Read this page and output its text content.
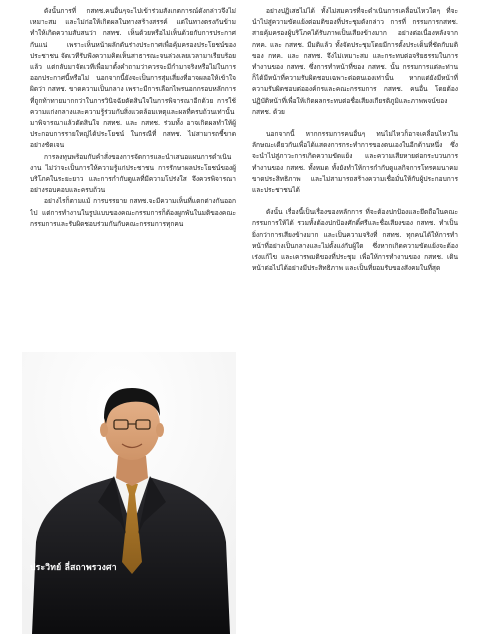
ดังนั้นการที่ กสทช.คนอื่นๆจะไปเข้าร่วมสังเกตการณ์ดังกล่าวจึงไม่เหมาะสม และไม่ก่อให้เกิดผลในทางสร้างสรรค์ แต่ในทางตรงกันข้ามทำให้เกิดความสับสนว่า กสทช. เห็นด้วยหรือไม่เห็นด้วยกับการประกาศกันแน่ เพราะเห็นหน้าผลักดันร่างประกาศเพื่อคุ้มครองประโยชน์ของประชาชน จัดเวทีรับฟังความคิดเห็นสาธารณะจนล่วงเลยเวลามาเรียบร้อยแล้ว แต่กลับมาจัดเวทีเพื่อมาตั้งคำถามว่าควรจะมีกำมาจริงหรือไม่ในการออกประกาศนี้หรือไม่ นอกจากนี้ยังจะเป็นการสุ่มเสี่ยงที่อาจผลอให้เข้าใจผิดว่า กสทช. ขาดความเป็นกลาง เพราะมีการเลือกไพรนอกกรอบหลักการที่ถูกท้าทายมากกว่าในการวินิจฉัยตัดสินใจในการพิจารณาอีกด้วย การใช้ความแก่งกลางและความรู้ร่วมกับสิ่งแวดล้อมเหตุและผลที่ครบถ้วนเท่านั้น มาพิจารณาแล้วตัดสินใจ กสทช. และ กสทช. ร่วมทั้ง อาจเกิดผลทำให้ผู้ประกอบการรายใหญ่ได้ประโยชน์ ในกรณีที่ กสทช. ไม่สามารถชี้ขาดอย่างชัดเจน

การลงทุนพร้อมกับคำสั่งของการจัดการและนำเสนอแผนการดำเนินงาน ไม่ว่าจะเป็นการให้ความรู้แก่ประชาชน การรักษาผลประโยชน์ของผู้บริโภคในระยะยาว และการกำกับดูแลที่มีความโปร่งใส จึงควรพิจารณาอย่างรอบคอบและครบถ้วน

อย่างไรก็ตามแม้ การบรรยาย กสทช.จะมีความเห็นที่แตกต่างกันออกไป แต่การทำงานในรูปแบบของคณะกรรมการก็ต้องผูกพันในมติของคณะกรรมการและรับผิดชอบร่วมกันกับคณะกรรมการทุกคน

ประวิทย์ ลี่สถาพรวงศา

อย่างปฏิเสธไม่ได้ ทั้งไม่สมควรที่จะดำเนินการเคลื่อนไหวใดๆ ที่จะนำไปสู่ความขัดแย้งต่อมติของที่ประชุมดังกล่าว การที่ กรรมการกสทช. สายคุ้มครองผู้บริโภคได้รับภาพเป็นเสียงข้างมาก อย่างต่อเนื่องหลังจาก กทค. และ กสทช. มีมติแล้ว ทั้งจัดประชุมโดยมีการตั้งประเด็นที่ชัดกับมติของ กทค. และ กสทช. จึงไม่เหมาะสม และกระทบต่อจริยธรรมในการทำงานของ กสทช. ซึ่งการทำหน้าที่ของ กสทช. นั้น กรรมการแต่ละท่านก็ได้มีหน้าที่ความรับผิดชอบเฉพาะต่อตนเองเท่านั้น หากแต่ยังมีหน้าที่ความรับผิดชอบต่อองค์กรและคณะกรรมการ กสทช. คนอื่น โดยต้องปฏิบัติหน้าที่เพื่อให้เกิดผลกระทบต่อชื่อเสียงเกียรติภูมิและภาพพจน์ของ กสทช. ด้วย

นอกจากนี้ หากกรรมการคนอื่นๆ ทนไม่ไหวก็อาจเคลื่อนไหวในลักษณะเดียวกันเพื่อได้แสดงการกระทำการของตนเองในอีกด้านหนึ่ง ซึ่งจะนำไปสู่ภาวะการเกิดความขัดแย้ง และความเสียหายต่อกระบวนการทำงานของ กสทช. ทั้งหมด ทั้งยังทำให้การกำกับดูแลกิจการโทรคมนาคมขาดประสิทธิภาพ และไม่สามารถสร้างความเชื่อมั่นให้กับผู้ประกอบการและประชาชนได้

ดังนั้น เรื่องนี้เป็นเรื่องของหลักการ ที่จะต้องปกป้องและยึดถือในคณะกรรมการให้ได้ รวมทั้งต้องปกป้องศักดิ์ศรีและชื่อเสียงของ กสทช. ทำเป็นยิ่งกว่าการเสียงข้างมาก และเป็นความจริงที่ กสทช. ทุกคนได้ให้การทำหน้าที่อย่างเป็นกลางและไม่ตั้งแง่กับผู้ใด ซึ่งหากเกิดความขัดแย้งจะต้องเร่งแก้ไข และเคารพมติของที่ประชุม เพื่อให้การทำงานของ กสทช. เดินหน้าต่อไปได้อย่างมีประสิทธิภาพ และเป็นที่ยอมรับของสังคมในที่สุด
